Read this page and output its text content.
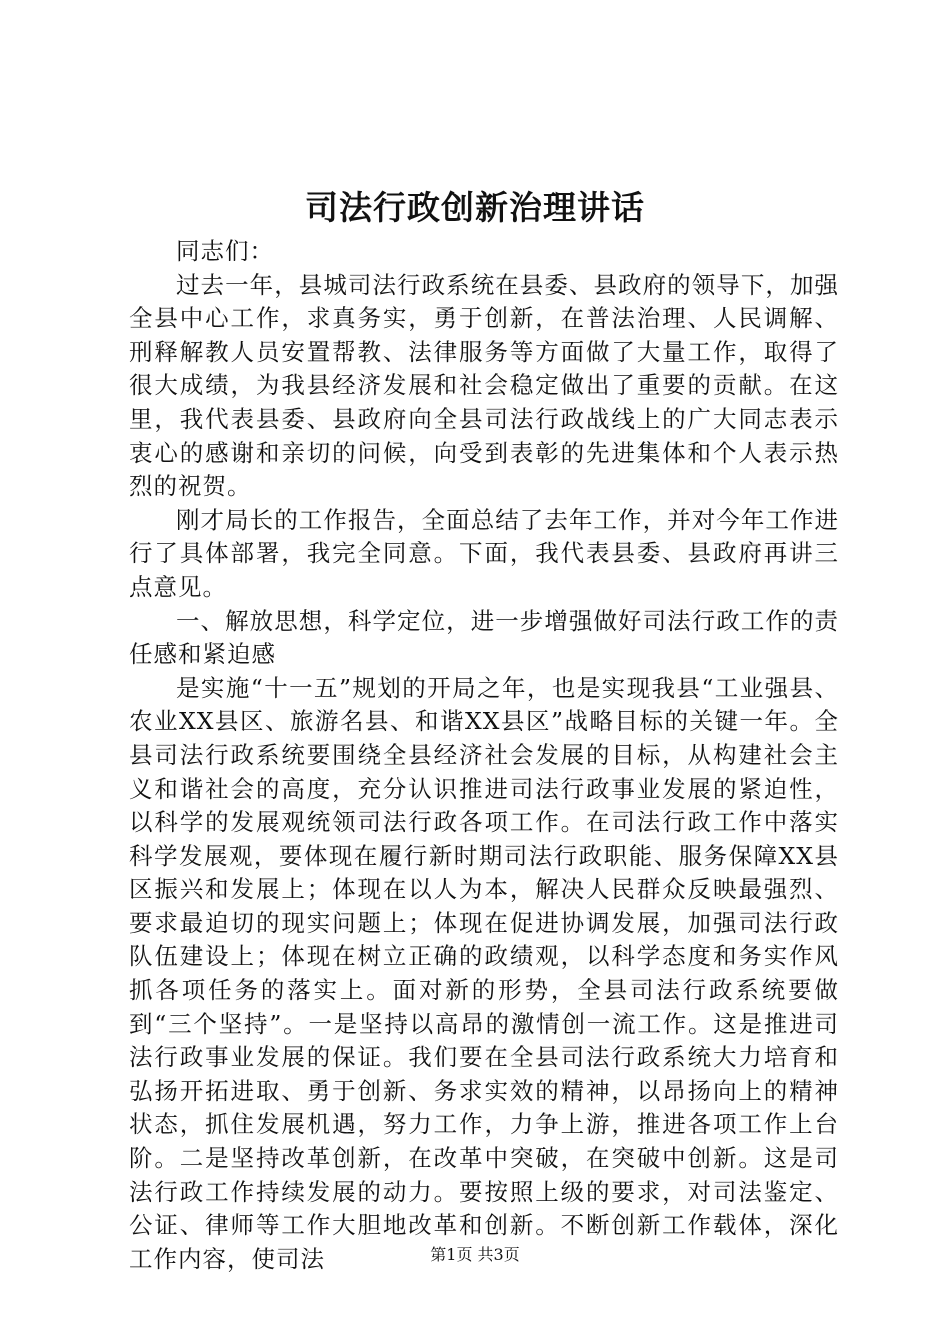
司法行政创新治理讲话

同志们：

过去一年，县城司法行政系统在县委、县政府的领导下，加强全县中心工作，求真务实，勇于创新，在普法治理、人民调解、刑释解教人员安置帮教、法律服务等方面做了大量工作，取得了很大成绩，为我县经济发展和社会稳定做出了重要的贡献。在这里，我代表县委、县政府向全县司法行政战线上的广大同志表示衷心的感谢和亲切的问候，向受到表彰的先进集体和个人表示热烈的祝贺。

刚才局长的工作报告，全面总结了去年工作，并对今年工作进行了具体部署，我完全同意。下面，我代表县委、县政府再讲三点意见。

一、解放思想，科学定位，进一步增强做好司法行政工作的责任感和紧迫感

是实施“十一五”规划的开局之年，也是实现我县“工业强县、农业XX县区、旅游名县、和谐XX县区”战略目标的关键一年。全县司法行政系统要围绕全县经济社会发展的目标，从构建社会主义和谐社会的高度，充分认识推进司法行政事业发展的紧迫性，以科学的发展观统领司法行政各项工作。在司法行政工作中落实科学发展观，要体现在履行新时期司法行政职能、服务保障XX县区振兴和发展上；体现在以人为本，解决人民群众反映最强烈、要求最迫切的现实问题上；体现在促进协调发展，加强司法行政队伍建设上；体现在树立正确的政绩观，以科学态度和务实作风抓各项任务的落实上。面对新的形势，全县司法行政系统要做到“三个坚持”。一是坚持以高昂的激情创一流工作。这是推进司法行政事业发展的保证。我们要在全县司法行政系统大力培育和弘扬开拓进取、勇于创新、务求实效的精神，以昂扬向上的精神状态，抓住发展机遇，努力工作，力争上游，推进各项工作上台阶。二是坚持改革创新，在改革中突破，在突破中创新。这是司法行政工作持续发展的动力。要按照上级的要求，对司法鉴定、公证、律师等工作大胆地改革和创新。不断创新工作载体，深化工作内容，使司法	第1页 共3页
